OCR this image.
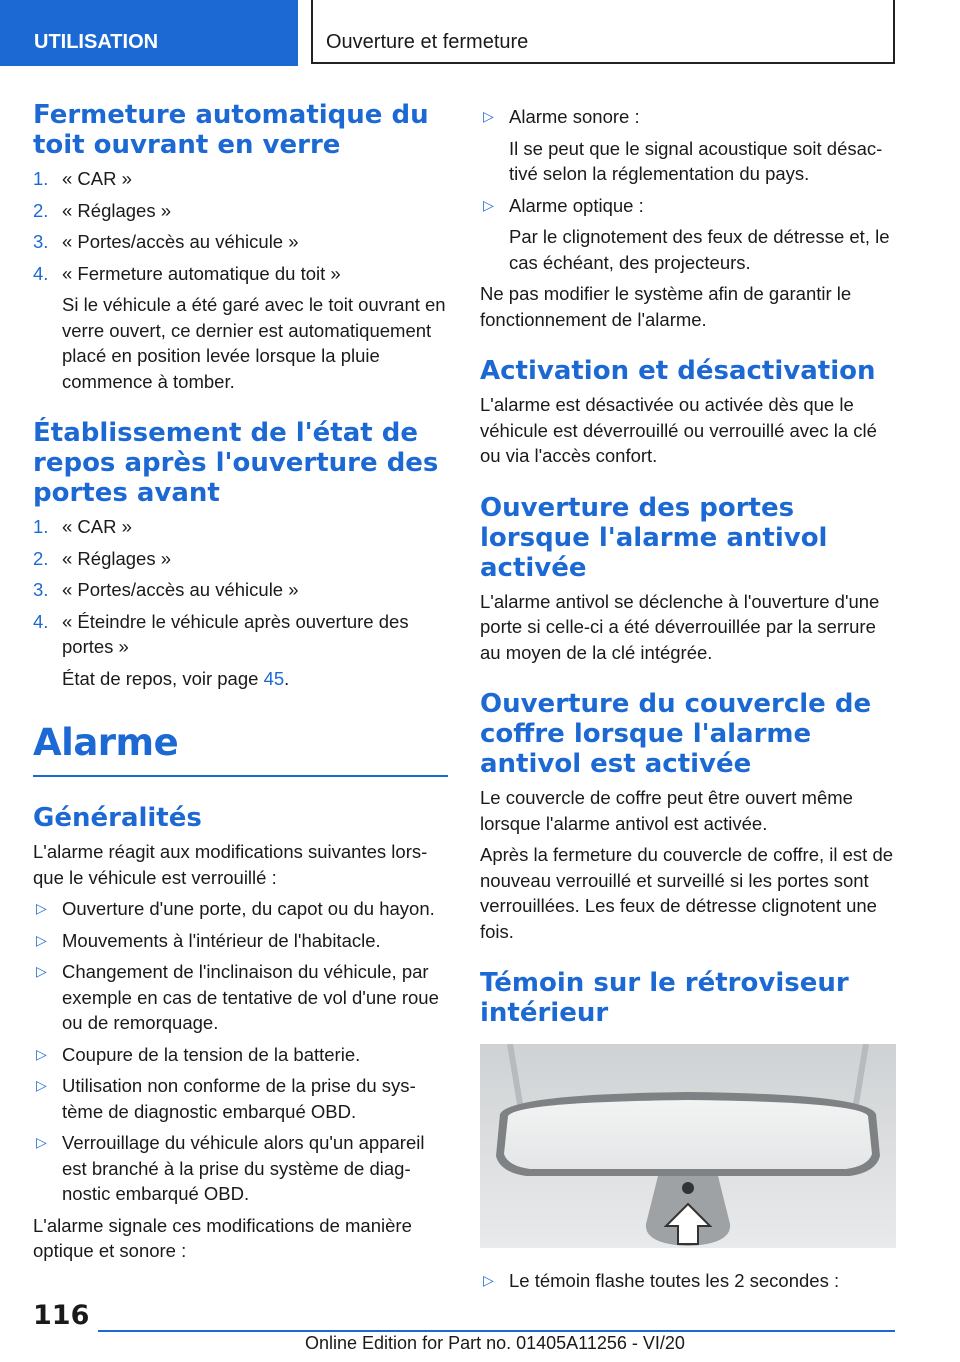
UTILISATION	Ouverture et fermeture
Fermeture automatique du toit ouvrant en verre
1. « CAR »
2. « Réglages »
3. « Portes/accès au véhicule »
4. « Fermeture automatique du toit »

Si le véhicule a été garé avec le toit ouvrant en verre ouvert, ce dernier est automatiquement placé en position levée lorsque la pluie commence à tomber.

Établissement de l'état de repos après l'ouverture des portes avant
1. « CAR »
2. « Réglages »
3. « Portes/accès au véhicule »
4. « Éteindre le véhicule après ouverture des portes »

État de repos, voir page 45.

Alarme
Généralités

L'alarme réagit aux modifications suivantes lorsque le véhicule est verrouillé :

▷ Ouverture d'une porte, du capot ou du hayon.
▷ Mouvements à l'intérieur de l'habitacle.
▷ Changement de l'inclinaison du véhicule, par exemple en cas de tentative de vol d'une roue ou de remorquage.
▷ Coupure de la tension de la batterie.
▷ Utilisation non conforme de la prise du système de diagnostic embarqué OBD.
▷ Verrouillage du véhicule alors qu'un appareil est branché à la prise du système de diagnostic embarqué OBD.

L'alarme signale ces modifications de manière optique et sonore :

▷ Alarme sonore :

Il se peut que le signal acoustique soit désactivé selon la réglementation du pays.

▷ Alarme optique :

Par le clignotement des feux de détresse et, le cas échéant, des projecteurs.

Ne pas modifier le système afin de garantir le fonctionnement de l'alarme.

Activation et désactivation

L'alarme est désactivée ou activée dès que le véhicule est déverrouillé ou verrouillé avec la clé ou via l'accès confort.

Ouverture des portes lorsque l'alarme antivol activée

L'alarme antivol se déclenche à l'ouverture d'une porte si celle-ci a été déverrouillée par la serrure au moyen de la clé intégrée.

Ouverture du couvercle de coffre lorsque l'alarme antivol est activée

Le couvercle de coffre peut être ouvert même lorsque l'alarme antivol est activée.

Après la fermeture du couvercle de coffre, il est de nouveau verrouillé et surveillé si les portes sont verrouillées. Les feux de détresse clignotent une fois.

Témoin sur le rétroviseur intérieur
▷ Le témoin flashe toutes les 2 secondes :
116
Online Edition for Part no. 01405A11256 - VI/20
